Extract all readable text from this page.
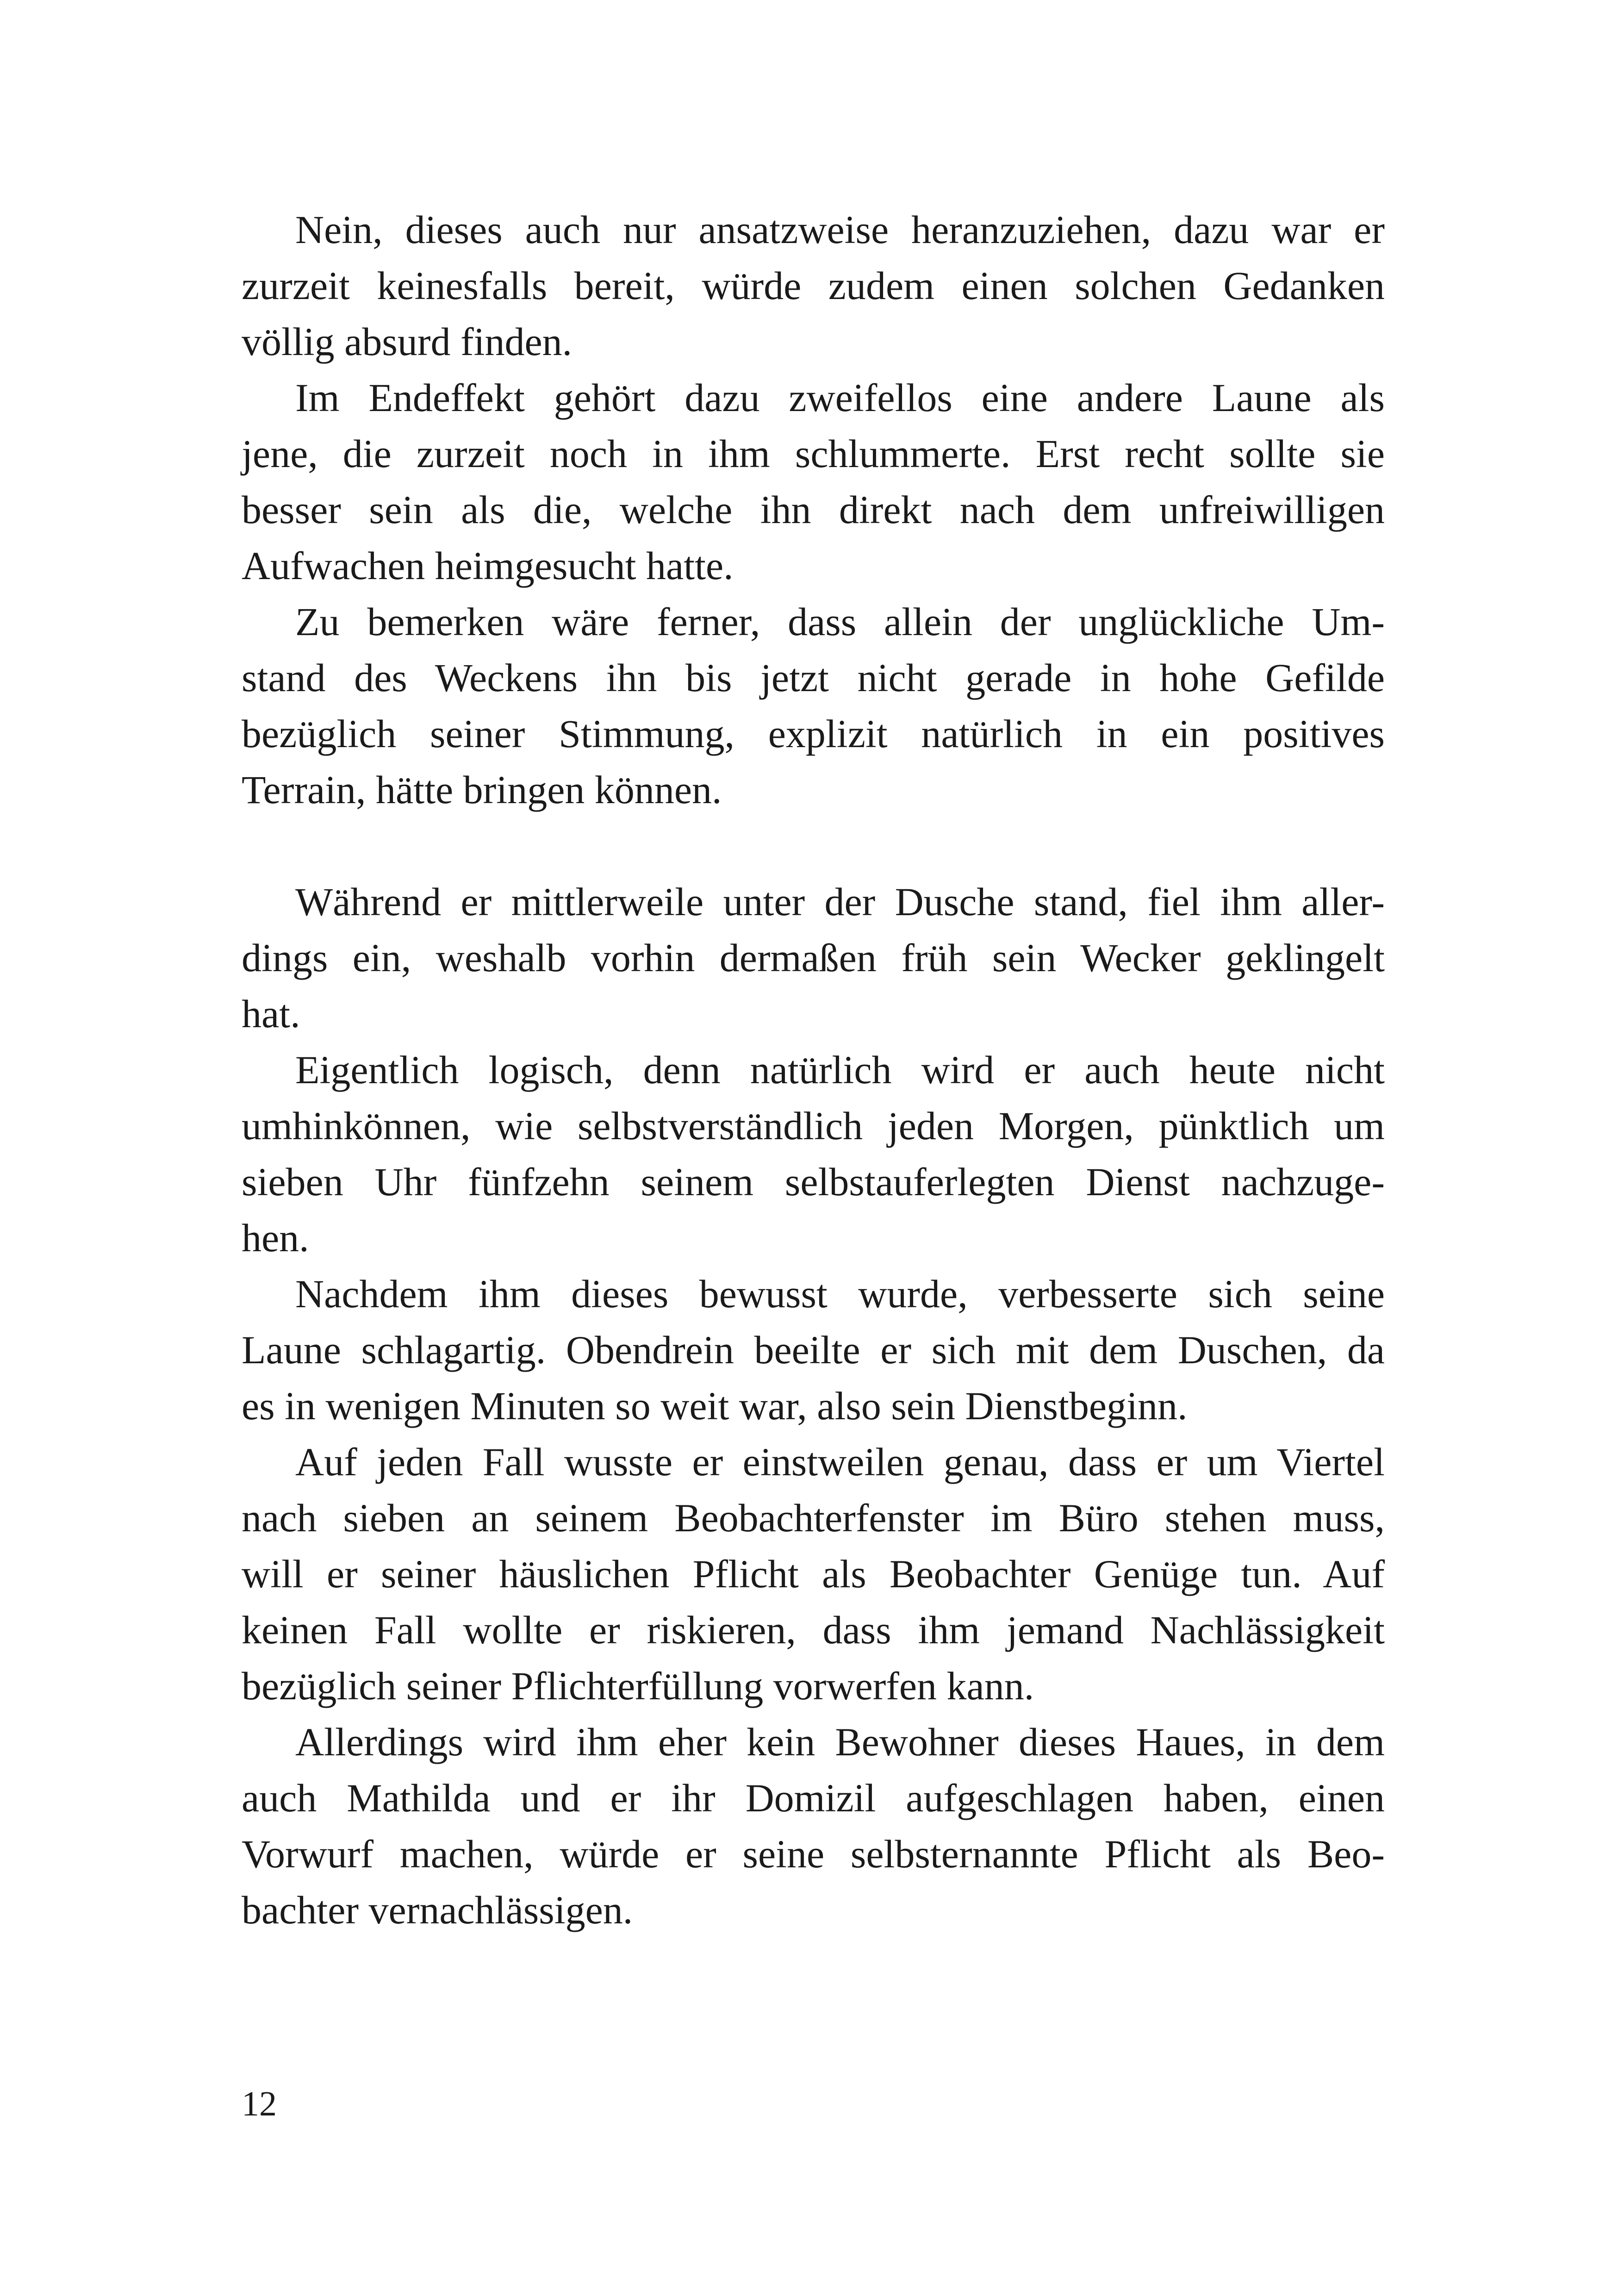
Nein, dieses auch nur ansatzweise heranzuziehen, dazu war er
zurzeit keinesfalls bereit, würde zudem einen solchen Gedanken
völlig absurd finden.

Im Endeffekt gehört dazu zweifellos eine andere Laune als
jene, die zurzeit noch in ihm schlummerte. Erst recht sollte sie
besser sein als die, welche ihn direkt nach dem unfreiwilligen
Aufwachen heimgesucht hatte.

Zu bemerken wäre ferner, dass allein der unglückliche Um-
stand des Weckens ihn bis jetzt nicht gerade in hohe Gefilde
bezüglich seiner Stimmung, explizit natürlich in ein positives
Terrain, hätte bringen können.

Während er mittlerweile unter der Dusche stand, fiel ihm aller-
dings ein, weshalb vorhin dermaßen früh sein Wecker geklingelt
hat.

Eigentlich logisch, denn natürlich wird er auch heute nicht
umhinkönnen, wie selbstverständlich jeden Morgen, pünktlich um
sieben Uhr fünfzehn seinem selbstauferlegten Dienst nachzuge-
hen.

Nachdem ihm dieses bewusst wurde, verbesserte sich seine
Laune schlagartig. Obendrein beeilte er sich mit dem Duschen, da
es in wenigen Minuten so weit war, also sein Dienstbeginn.

Auf jeden Fall wusste er einstweilen genau, dass er um Viertel
nach sieben an seinem Beobachterfenster im Büro stehen muss,
will er seiner häuslichen Pflicht als Beobachter Genüge tun. Auf
keinen Fall wollte er riskieren, dass ihm jemand Nachlässigkeit
bezüglich seiner Pflichterfüllung vorwerfen kann.

Allerdings wird ihm eher kein Bewohner dieses Haues, in dem
auch Mathilda und er ihr Domizil aufgeschlagen haben, einen
Vorwurf machen, würde er seine selbsternannte Pflicht als Beo-
bachter vernachlässigen.

12
